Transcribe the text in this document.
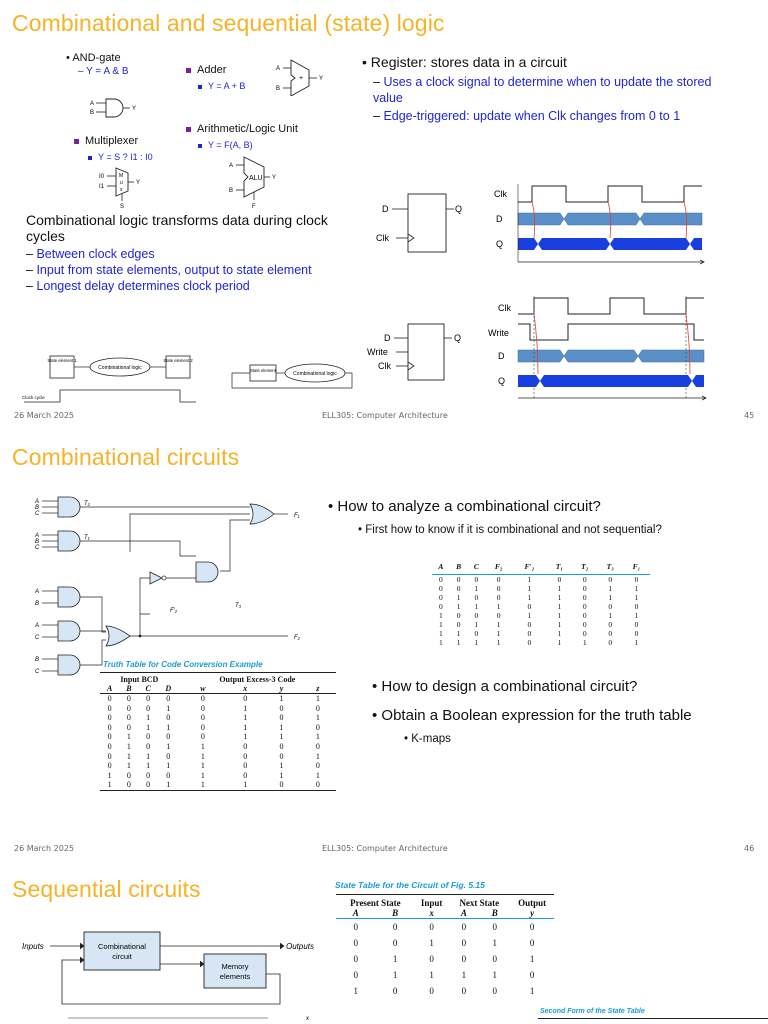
Combinational and sequential (state) logic
• AND-gate
– Y = A & B
A
B
Y
Adder
Y = A + B
A
B
+	Y
Multiplexer
Y = S ? I1 : I0
I0
I1
M
u
x
Y
S
Arithmetic/Logic Unit
Y = F(A, B)
A
B
ALU Y
F
Combinational logic transforms data during clock cycles
– Between clock edges
– Input from state elements, output to state element
– Longest delay determines clock period
State element 1
Combinational logic
State element 2
Clock cycle
State element
Combinational logic
• Register: stores data in a circuit
– Uses a clock signal to determine when to update the stored value
– Edge-triggered: update when Clk changes from 0 to 1
D
Clk
Q
Clk
D
Q
D
Write
Clk
Q
Clk
Write
D
Q
26 March 2025	ELL305: Computer Architecture	45
Combinational circuits
A
B
C
A
B
C
A
B
A
C
B
C
T₂
T₁
T₃
F′₂
F₁
F₂
Truth Table for Code Conversion Example
Input BCD				Output Excess-3 Code			
A	B	C	D	w	x	y	z
0	0	0	0	0	0	1	1
0	0	0	1	0	1	0	0
0	0	1	0	0	1	0	1
0	0	1	1	0	1	1	0
0	1	0	0	0	1	1	1
0	1	0	1	1	0	0	0
0	1	1	0	1	0	0	1
0	1	1	1	1	0	1	0
1	0	0	0	1	0	1	1
1	0	0	1	1	1	0	0
• How to analyze a combinational circuit?
• First how to know if it is combinational and not sequential?
A	B	C	F₂	F′₂	T₁	T₂	T₃	F₁
0	0	0	0	1	0	0	0	0
0	0	1	0	1	1	0	1	1
0	1	0	0	1	1	0	1	1
0	1	1	1	0	1	0	0	0
1	0	0	0	1	1	0	1	1
1	0	1	1	0	1	0	0	0
1	1	0	1	0	1	0	0	0
1	1	1	1	0	1	1	0	1
• How to design a combinational circuit?
• Obtain a Boolean expression for the truth table
• K-maps
26 March 2025	ELL305: Computer Architecture	46
Sequential circuits
Inputs	Outputs
Combinational
circuit
Memory
elements
x
State Table for the Circuit of Fig. 5.15
Present State		Input	Next State		Output
A	B	x	A	B	y
0	0	0	0	0	0
0	0	1	0	1	0
0	1	0	0	0	1
0	1	1	1	1	0
1	0	0	0	0	1
Second Form of the State Table
